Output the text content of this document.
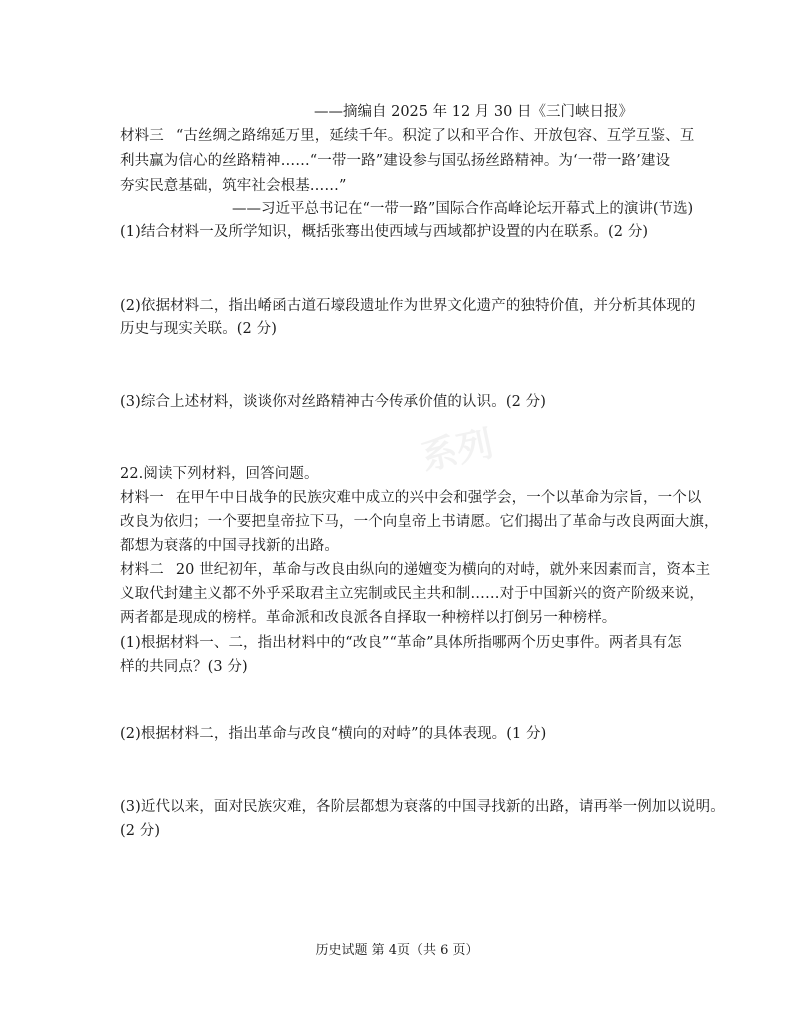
系列
——摘编自 2025 年 12 月 30 日《三门峡日报》
材料三 “古丝绸之路绵延万里，延续千年。积淀了以和平合作、开放包容、互学互鉴、互
利共赢为信心的丝路精神……“一带一路”建设参与国弘扬丝路精神。为‘一带一路’建设
夯实民意基础，筑牢社会根基……”
——习近平总书记在“一带一路”国际合作高峰论坛开幕式上的演讲(节选)
(1)结合材料一及所学知识，概括张骞出使西域与西域都护设置的内在联系。(2 分)
(2)依据材料二，指出崤函古道石壕段遗址作为世界文化遗产的独特价值，并分析其体现的
历史与现实关联。(2 分)
(3)综合上述材料，谈谈你对丝路精神古今传承价值的认识。(2 分)
22.阅读下列材料，回答问题。
材料一 在甲午中日战争的民族灾难中成立的兴中会和强学会，一个以革命为宗旨，一个以
改良为依归；一个要把皇帝拉下马，一个向皇帝上书请愿。它们揭出了革命与改良两面大旗，
都想为衰落的中国寻找新的出路。
材料二 20 世纪初年，革命与改良由纵向的递嬗变为横向的对峙，就外来因素而言，资本主
义取代封建主义都不外乎采取君主立宪制或民主共和制……对于中国新兴的资产阶级来说，
两者都是现成的榜样。革命派和改良派各自择取一种榜样以打倒另一种榜样。
(1)根据材料一、二，指出材料中的“改良”“革命”具体所指哪两个历史事件。两者具有怎
样的共同点？(3 分)
(2)根据材料二，指出革命与改良“横向的对峙”的具体表现。(1 分)
(3)近代以来，面对民族灾难，各阶层都想为衰落的中国寻找新的出路，请再举一例加以说明。
(2 分)
历史试题 第 4页（共 6 页）
